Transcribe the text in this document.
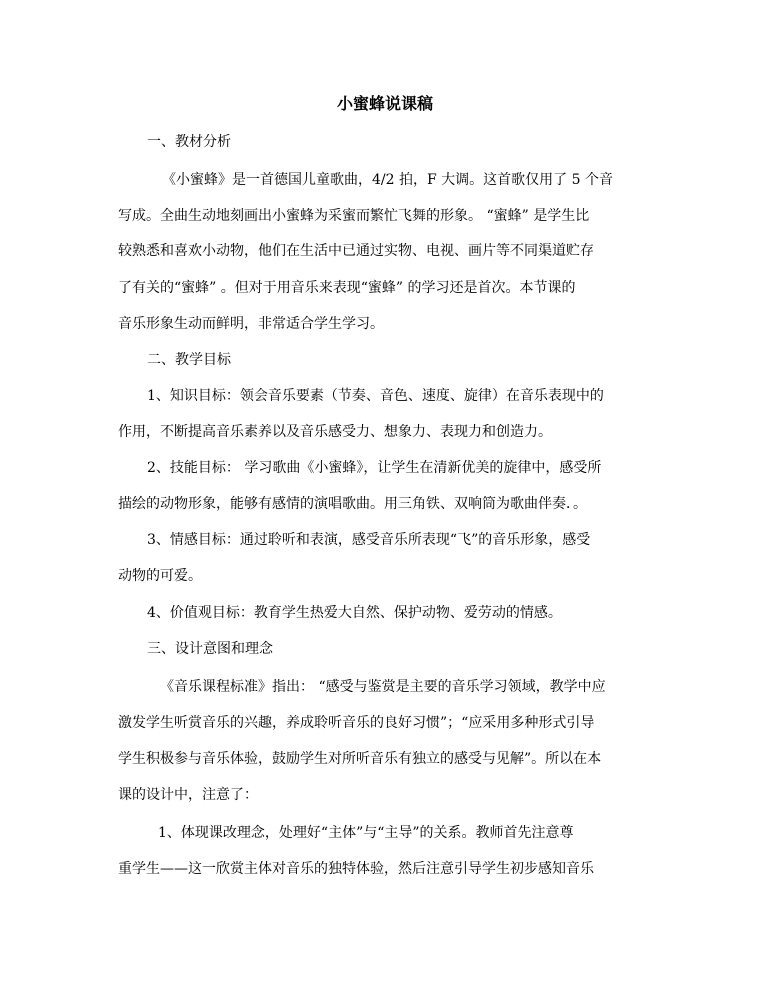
小蜜蜂说课稿
一、教材分析
《小蜜蜂》是一首德国儿童歌曲，4/2 拍，F 大调。这首歌仅用了 5 个音
写成。全曲生动地刻画出小蜜蜂为采蜜而繁忙飞舞的形象。 “蜜蜂” 是学生比
较熟悉和喜欢小动物，他们在生活中已通过实物、电视、画片等不同渠道贮存
了有关的“蜜蜂” 。但对于用音乐来表现“蜜蜂” 的学习还是首次。本节课的
音乐形象生动而鲜明，非常适合学生学习。
二、教学目标
1、知识目标：领会音乐要素（节奏、音色、速度、旋律）在音乐表现中的
作用，不断提高音乐素养以及音乐感受力、想象力、表现力和创造力。
2、技能目标： 学习歌曲《小蜜蜂》，让学生在清新优美的旋律中，感受所
描绘的动物形象，能够有感情的演唱歌曲。用三角铁、双响筒为歌曲伴奏．。
3、情感目标：通过聆听和表演，感受音乐所表现“飞”的音乐形象，感受
动物的可爱。
4、价值观目标：教育学生热爱大自然、保护动物、爱劳动的情感。
三、设计意图和理念
《音乐课程标准》指出： “感受与鉴赏是主要的音乐学习领域，教学中应
激发学生听赏音乐的兴趣，养成聆听音乐的良好习惯”；“应采用多种形式引导
学生积极参与音乐体验，鼓励学生对所听音乐有独立的感受与见解”。所以在本
课的设计中，注意了：
1、体现课改理念，处理好“主体”与“主导”的关系。教师首先注意尊
重学生——这一欣赏主体对音乐的独特体验，然后注意引导学生初步感知音乐
